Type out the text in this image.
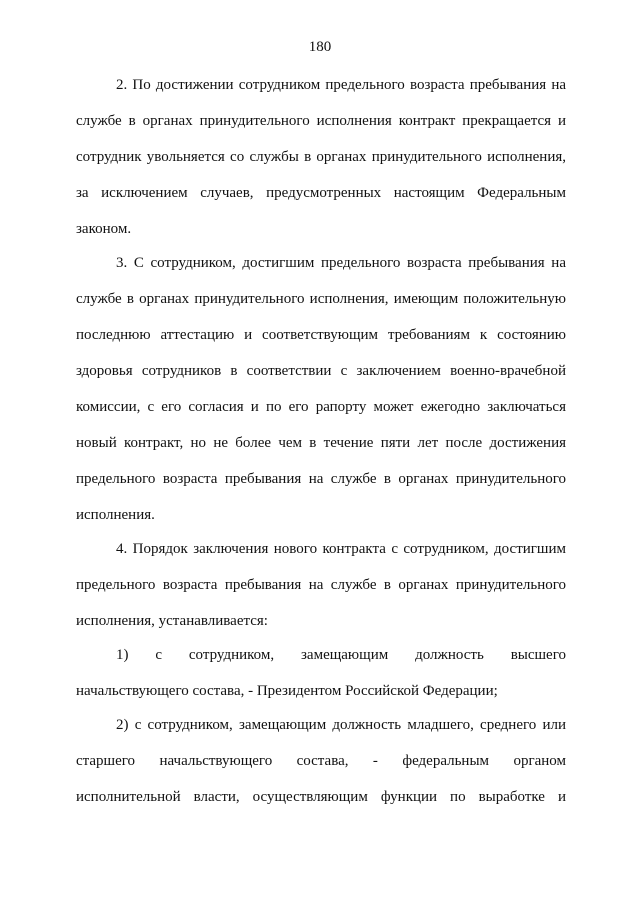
180
2. По достижении сотрудником предельного возраста пребывания на
службе в органах принудительного исполнения контракт прекращается и
сотрудник увольняется со службы в органах принудительного исполнения,
за исключением случаев, предусмотренных настоящим Федеральным
законом.
3. С сотрудником, достигшим предельного возраста пребывания на
службе в органах принудительного исполнения, имеющим положительную
последнюю аттестацию и соответствующим требованиям к состоянию
здоровья сотрудников в соответствии с заключением военно-врачебной
комиссии, с его согласия и по его рапорту может ежегодно заключаться
новый контракт, но не более чем в течение пяти лет после достижения
предельного возраста пребывания на службе в органах принудительного
исполнения.
4. Порядок заключения нового контракта с сотрудником, достигшим
предельного возраста пребывания на службе в органах принудительного
исполнения, устанавливается:
1) с сотрудником, замещающим должность высшего
начальствующего состава, - Президентом Российской Федерации;
2) с сотрудником, замещающим должность младшего, среднего или
старшего начальствующего состава, - федеральным органом
исполнительной власти, осуществляющим функции по выработке и
